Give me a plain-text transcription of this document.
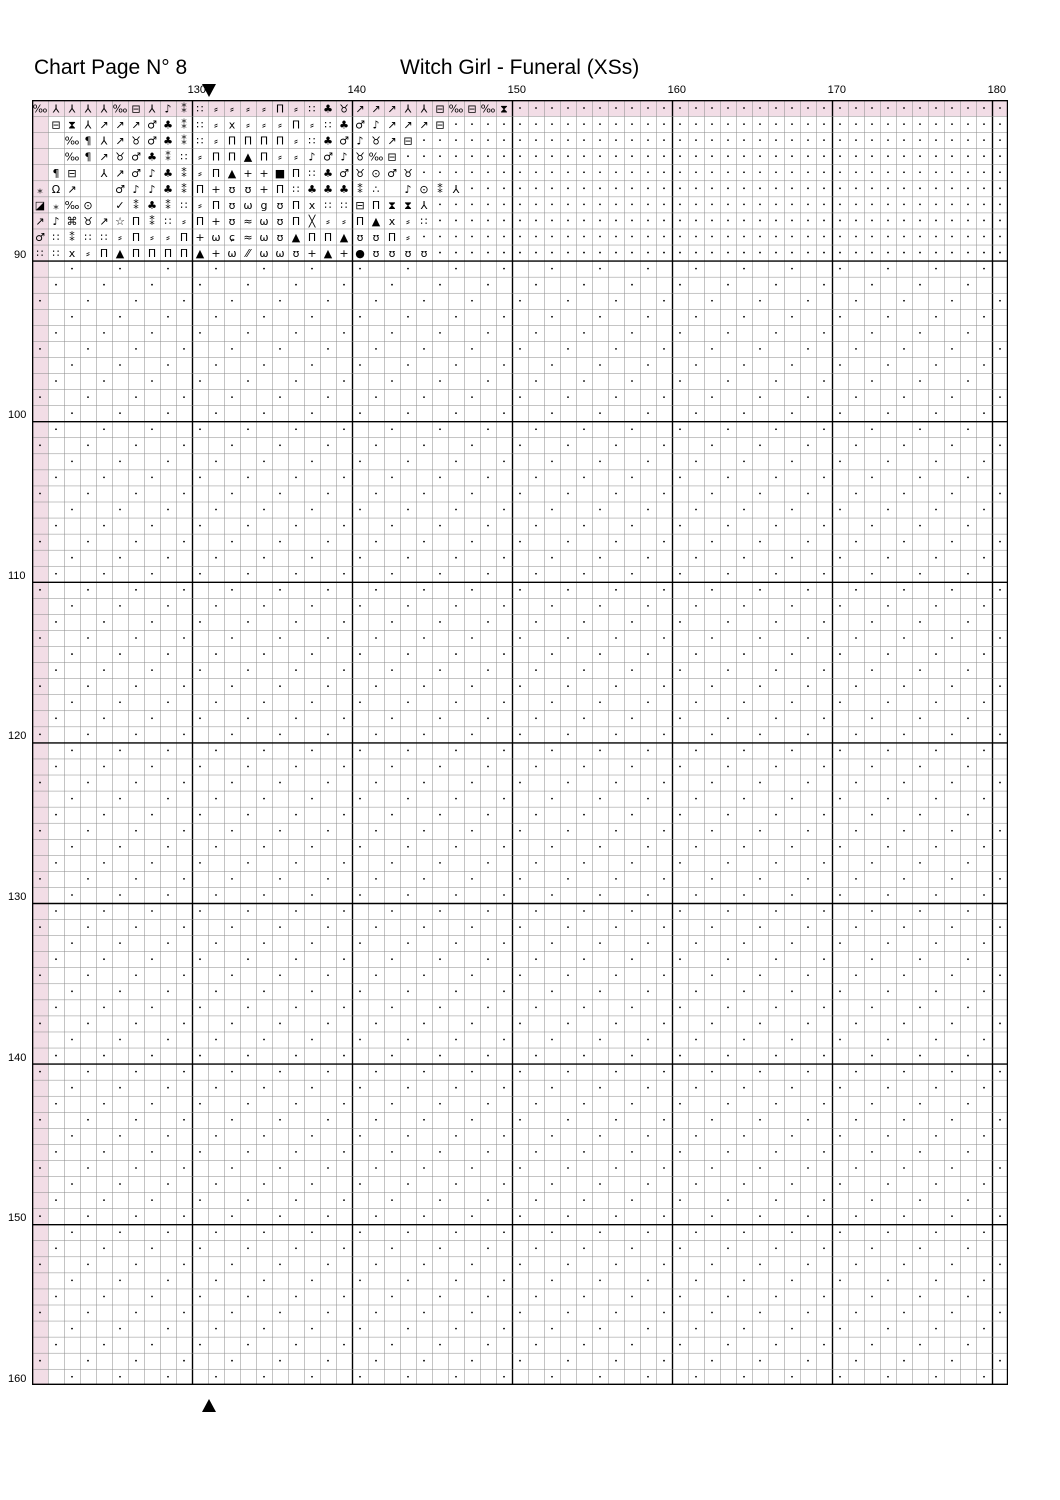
Chart Page N° 8	Witch Girl - Funeral (XSs)
130	140	150	160	170	180
90
100
110
120
130
140
150
160
‰ ⅄ ⅄ ⅄ ⅄ ‰ ⊟ ⅄ ♪ ⁑ ∷ ⸗ ⸗ ⸗ ⸗ Π ⸗ ∷ ♣ ♉ ↗ ↗ ↗ ⅄ ⅄ ⊟ ‰ ⊟ ‰ ⧗
⊟ ⧗ ⅄ ↗ ↗ ↗ ♂ ♣ ⁑ ∷ ⸗ x ⸗ ⸗ ⸗ Π ⸗ ∷ ♣ ♂ ♪ ↗ ↗ ↗ ⊟
‰ ¶ ⅄ ↗ ♉ ♂ ♣ ⁑ ∷ ⸗ Π Π Π Π ⸗ ∷ ♣ ♂ ♪ ♉ ↗ ⊟
‰ ¶ ↗ ♉ ♂ ♣ ⁑ ∷ ⸗ Π Π ▲ Π ⸗ ⸗ ♪ ♂ ♪ ♉ ‰ ⊟
¶ ⊟ ⅄ ↗ ♂ ♪ ♣ ⁑ ⸗ Π ▲ + + ■ Π ∷ ♣ ♂ ♉ ⊙ ♂ ♉
⁎ Ω ↗	♂ ♪ ♪ ♣ ⁑ Π + ʊ ʊ + Π ∷ ♣ ♣ ♣ ⁑ ∴ ♪ ⊙ ⁑ ⅄
◪ ⁎ ‰ ⊙ ✓ ⁑ ♣ ⁑ ∷ ⸗ Π ʊ ω g ʊ Π x ∷ ∷ ⊟ Π ⧗ ⧗ ⅄
↗ ♪ ⌘ ♉ ↗ ☆ Π ⁑ ∷ ⸗ Π + ʊ ≈ ω ʊ Π ╳ ⸗ ⸗ Π ▲ x ⸗ ∷
♂ ∷ ⁑ ∷ ∷ ⸗ Π ⸗ ⸗ Π + ω ɕ ≈ ω ʊ ▲ Π Π ▲ ʊ ʊ Π ⸗
∷ ∷ x ⸗ Π ▲ Π Π Π Π ▲ + ω ⁄⁄ ω ω ʊ + ▲ + ● ʊ ʊ ʊ ʊ
